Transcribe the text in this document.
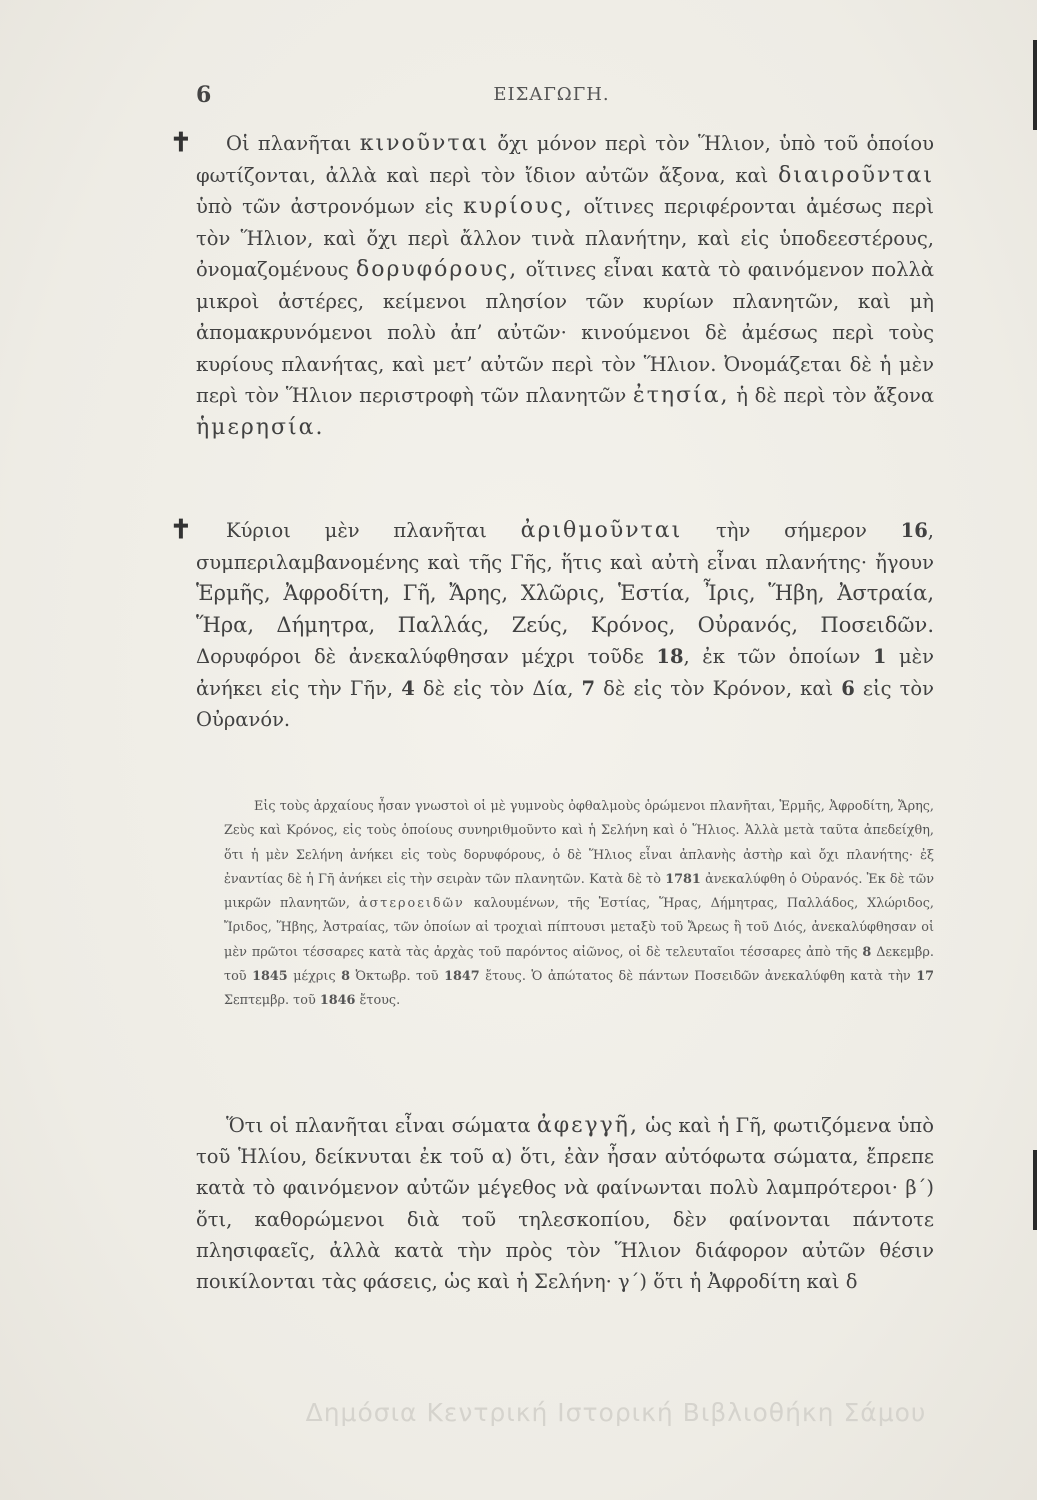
6	ΕΙΣΑΓΩΓΗ.
✝
✝

Οἱ πλανῆται κινοῦνται ὄχι μόνον περὶ τὸν Ἥλιον, ὑπὸ τοῦ ὁποίου φωτίζονται, ἀλλὰ καὶ περὶ τὸν ἴδιον αὐτῶν ἄξονα, καὶ διαιροῦνται ὑπὸ τῶν ἀστρονόμων εἰς κυρίους, οἵτινες περιφέρονται ἀμέσως περὶ τὸν Ἥλιον, καὶ ὄχι περὶ ἄλλον τινὰ πλανήτην, καὶ εἰς ὑποδεεστέρους, ὀνομαζομένους δορυφόρους, οἵτινες εἶναι κατὰ τὸ φαινόμενον πολλὰ μικροὶ ἀστέρες, κείμενοι πλησίον τῶν κυρίων πλανητῶν, καὶ μὴ ἀπομακρυνόμενοι πολὺ ἀπ’ αὐτῶν· κινούμενοι δὲ ἀμέσως περὶ τοὺς κυρίους πλανήτας, καὶ μετ’ αὐτῶν περὶ τὸν Ἥλιον. Ὀνομάζεται δὲ ἡ μὲν περὶ τὸν Ἥλιον περιστροφὴ τῶν πλανητῶν ἐτησία, ἡ δὲ περὶ τὸν ἄξονα ἡμερησία.

Κύριοι μὲν πλανῆται ἀριθμοῦνται τὴν σήμερον 16, συμπεριλαμβανομένης καὶ τῆς Γῆς, ἥτις καὶ αὐτὴ εἶναι πλανήτης· ἤγουν Ἑρμῆς, Ἀφροδίτη, Γῆ, Ἄρης, Χλῶρις, Ἑστία, Ἶρις, Ἥβη, Ἀστραία, Ἥρα, Δήμητρα, Παλλάς, Ζεύς, Κρόνος, Οὐρανός, Ποσειδῶν. Δορυφόροι δὲ ἀνεκαλύφθησαν μέχρι τοῦδε 18, ἐκ τῶν ὁποίων 1 μὲν ἀνήκει εἰς τὴν Γῆν, 4 δὲ εἰς τὸν Δία, 7 δὲ εἰς τὸν Κρόνον, καὶ 6 εἰς τὸν Οὐρανόν.

Εἰς τοὺς ἀρχαίους ἦσαν γνωστοὶ οἱ μὲ γυμνοὺς ὀφθαλμοὺς ὁρώμενοι πλανῆται, Ἑρμῆς, Ἀφροδίτη, Ἄρης, Ζεὺς καὶ Κρόνος, εἰς τοὺς ὁποίους συνηριθμοῦντο καὶ ἡ Σελήνη καὶ ὁ Ἥλιος. Ἀλλὰ μετὰ ταῦτα ἀπεδείχθη, ὅτι ἡ μὲν Σελήνη ἀνήκει εἰς τοὺς δορυφόρους, ὁ δὲ Ἥλιος εἶναι ἀπλανὴς ἀστὴρ καὶ ὄχι πλανήτης· ἐξ ἐναντίας δὲ ἡ Γῆ ἀνήκει εἰς τὴν σειρὰν τῶν πλανητῶν. Κατὰ δὲ τὸ 1781 ἀνεκαλύφθη ὁ Οὐρανός. Ἐκ δὲ τῶν μικρῶν πλανητῶν, ἀστεροειδῶν καλουμένων, τῆς Ἑστίας, Ἥρας, Δήμητρας, Παλλάδος, Χλώριδος, Ἴριδος, Ἥβης, Ἀστραίας, τῶν ὁποίων αἱ τροχιαὶ πίπτουσι μεταξὺ τοῦ Ἄρεως ἢ τοῦ Διός, ἀνεκαλύφθησαν οἱ μὲν πρῶτοι τέσσαρες κατὰ τὰς ἀρχὰς τοῦ παρόντος αἰῶνος, οἱ δὲ τελευταῖοι τέσσαρες ἀπὸ τῆς 8 Δεκεμβρ. τοῦ 1845 μέχρις 8 Ὀκτωβρ. τοῦ 1847 ἔτους. Ὁ ἀπώτατος δὲ πάντων Ποσειδῶν ἀνεκαλύφθη κατὰ τὴν 17 Σεπτεμβρ. τοῦ 1846 ἔτους.

Ὅτι οἱ πλανῆται εἶναι σώματα ἀφεγγῆ, ὡς καὶ ἡ Γῆ, φωτιζόμενα ὑπὸ τοῦ Ἡλίου, δείκνυται ἐκ τοῦ α) ὅτι, ἐὰν ἦσαν αὐτόφωτα σώματα, ἔπρεπε κατὰ τὸ φαινόμενον αὐτῶν μέγεθος νὰ φαίνωνται πολὺ λαμπρότεροι· β΄) ὅτι, καθορώμενοι διὰ τοῦ τηλεσκοπίου, δὲν φαίνονται πάντοτε πλησιφαεῖς, ἀλλὰ κατὰ τὴν πρὸς τὸν Ἥλιον διάφορον αὐτῶν θέσιν ποικίλονται τὰς φάσεις, ὡς καὶ ἡ Σελήνη· γ΄) ὅτι ἡ Ἀφροδίτη καὶ δ

Δημόσια Κεντρική Ιστορική Βιβλιοθήκη Σάμου
